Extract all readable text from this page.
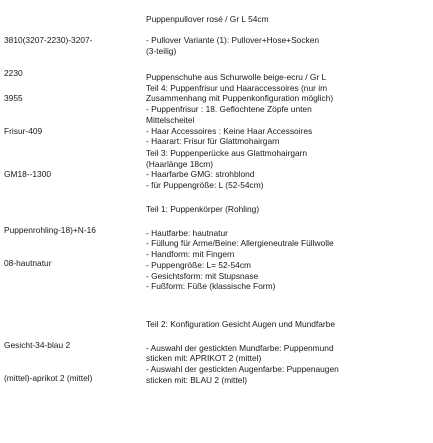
3810(3207-2230)-3207-

2230

Puppenpullover rosé / Gr L 54cm
- Pullover Variante (1): Pullover+Hose+Socken
(3-teilig)

3955

Frisur-409

Puppenschuhe aus Schurwolle beige-ecru / Gr L
Teil 4: Puppenfrisur und Haaraccessoires (nur im
Zusammenhang mit Puppenkonfiguration möglich)
- Puppenfrisur : 18. Geflochtene Zöpfe unten
Mittelscheitel
- Haar Accessoires : Keine Haar Accessoires
- Haarart: Frisur für Glattmohairgarn

GM18--1300

Teil 3: Puppenperücke aus Glattmohairgarn
(Haarlänge 18cm)
- Haarfarbe GMG: strohblond
- für Puppengröße: L (52-54cm)

Puppenrohling-18)+N-16

08-hautnatur

Teil 1: Puppenkörper (Rohling)
- Hautfarbe: hautnatur
- Füllung für Arme/Beine: Allergieneutrale Füllwolle
- Handform: mit Fingern
- Puppengröße: L= 52-54cm
- Gesichtsform: mit Stupsnase
- Fußform: Füße (klassische Form)

Gesicht-34-blau 2

(mittel)-aprikot 2 (mittel)

Teil 2: Konfiguration Gesicht Augen und Mundfarbe
- Auswahl der gestickten Mundfarbe: Puppenmund
sticken mit: APRIKOT 2 (mittel)
- Auswahl der gestickten Augenfarbe: Puppenaugen
sticken mit: BLAU 2 (mittel)
